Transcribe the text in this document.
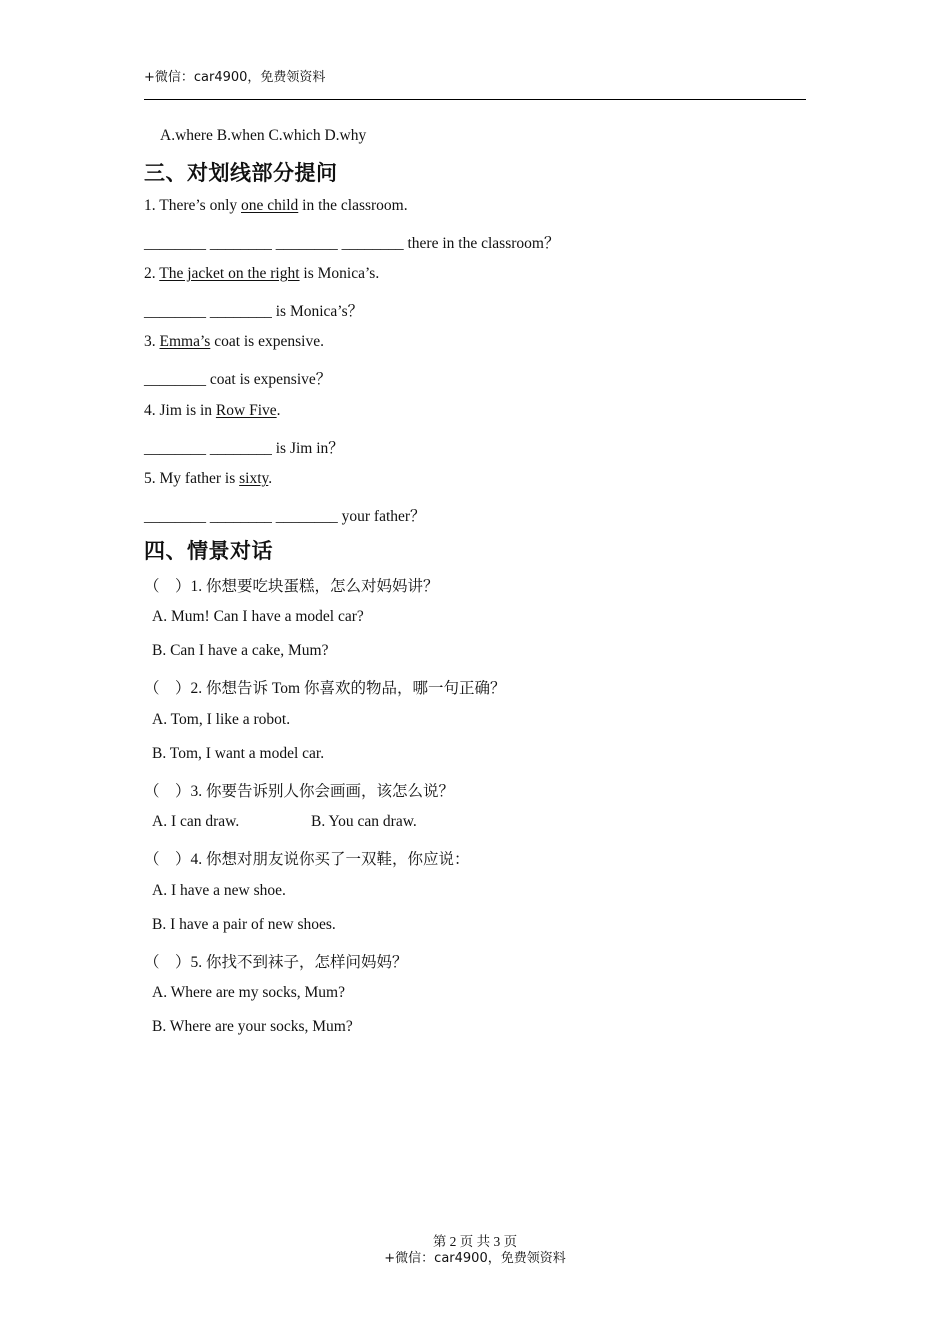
+微信：car4900，免费领资料
A.where B.when C.which D.why
三、对划线部分提问
1. There’s only one child in the classroom.
________ ________ ________ ________ there in the classroom？
2. The jacket on the right is Monica’s.
________ ________ is Monica’s？
3. Emma’s coat is expensive.
________ coat is expensive？
4. Jim is in Row Five.
________ ________ is Jim in？
5. My father is sixty.
________ ________ ________ your father？
四、情景对话
（　）1. 你想要吃块蛋糕，怎么对妈妈讲？
A. Mum! Can I have a model car?
B. Can I have a cake, Mum?
（　）2. 你想告诉 Tom 你喜欢的物品，哪一句正确？
A. Tom, I like a robot.
B. Tom, I want a model car.
（　）3. 你要告诉别人你会画画，该怎么说？
A. I can draw.	B. You can draw.
（　）4. 你想对朋友说你买了一双鞋，你应说：
A. I have a new shoe.
B. I have a pair of new shoes.
（　）5. 你找不到袜子，怎样问妈妈？
A. Where are my socks, Mum?
B. Where are your socks, Mum?
第 2 页 共 3 页
+微信：car4900，免费领资料
